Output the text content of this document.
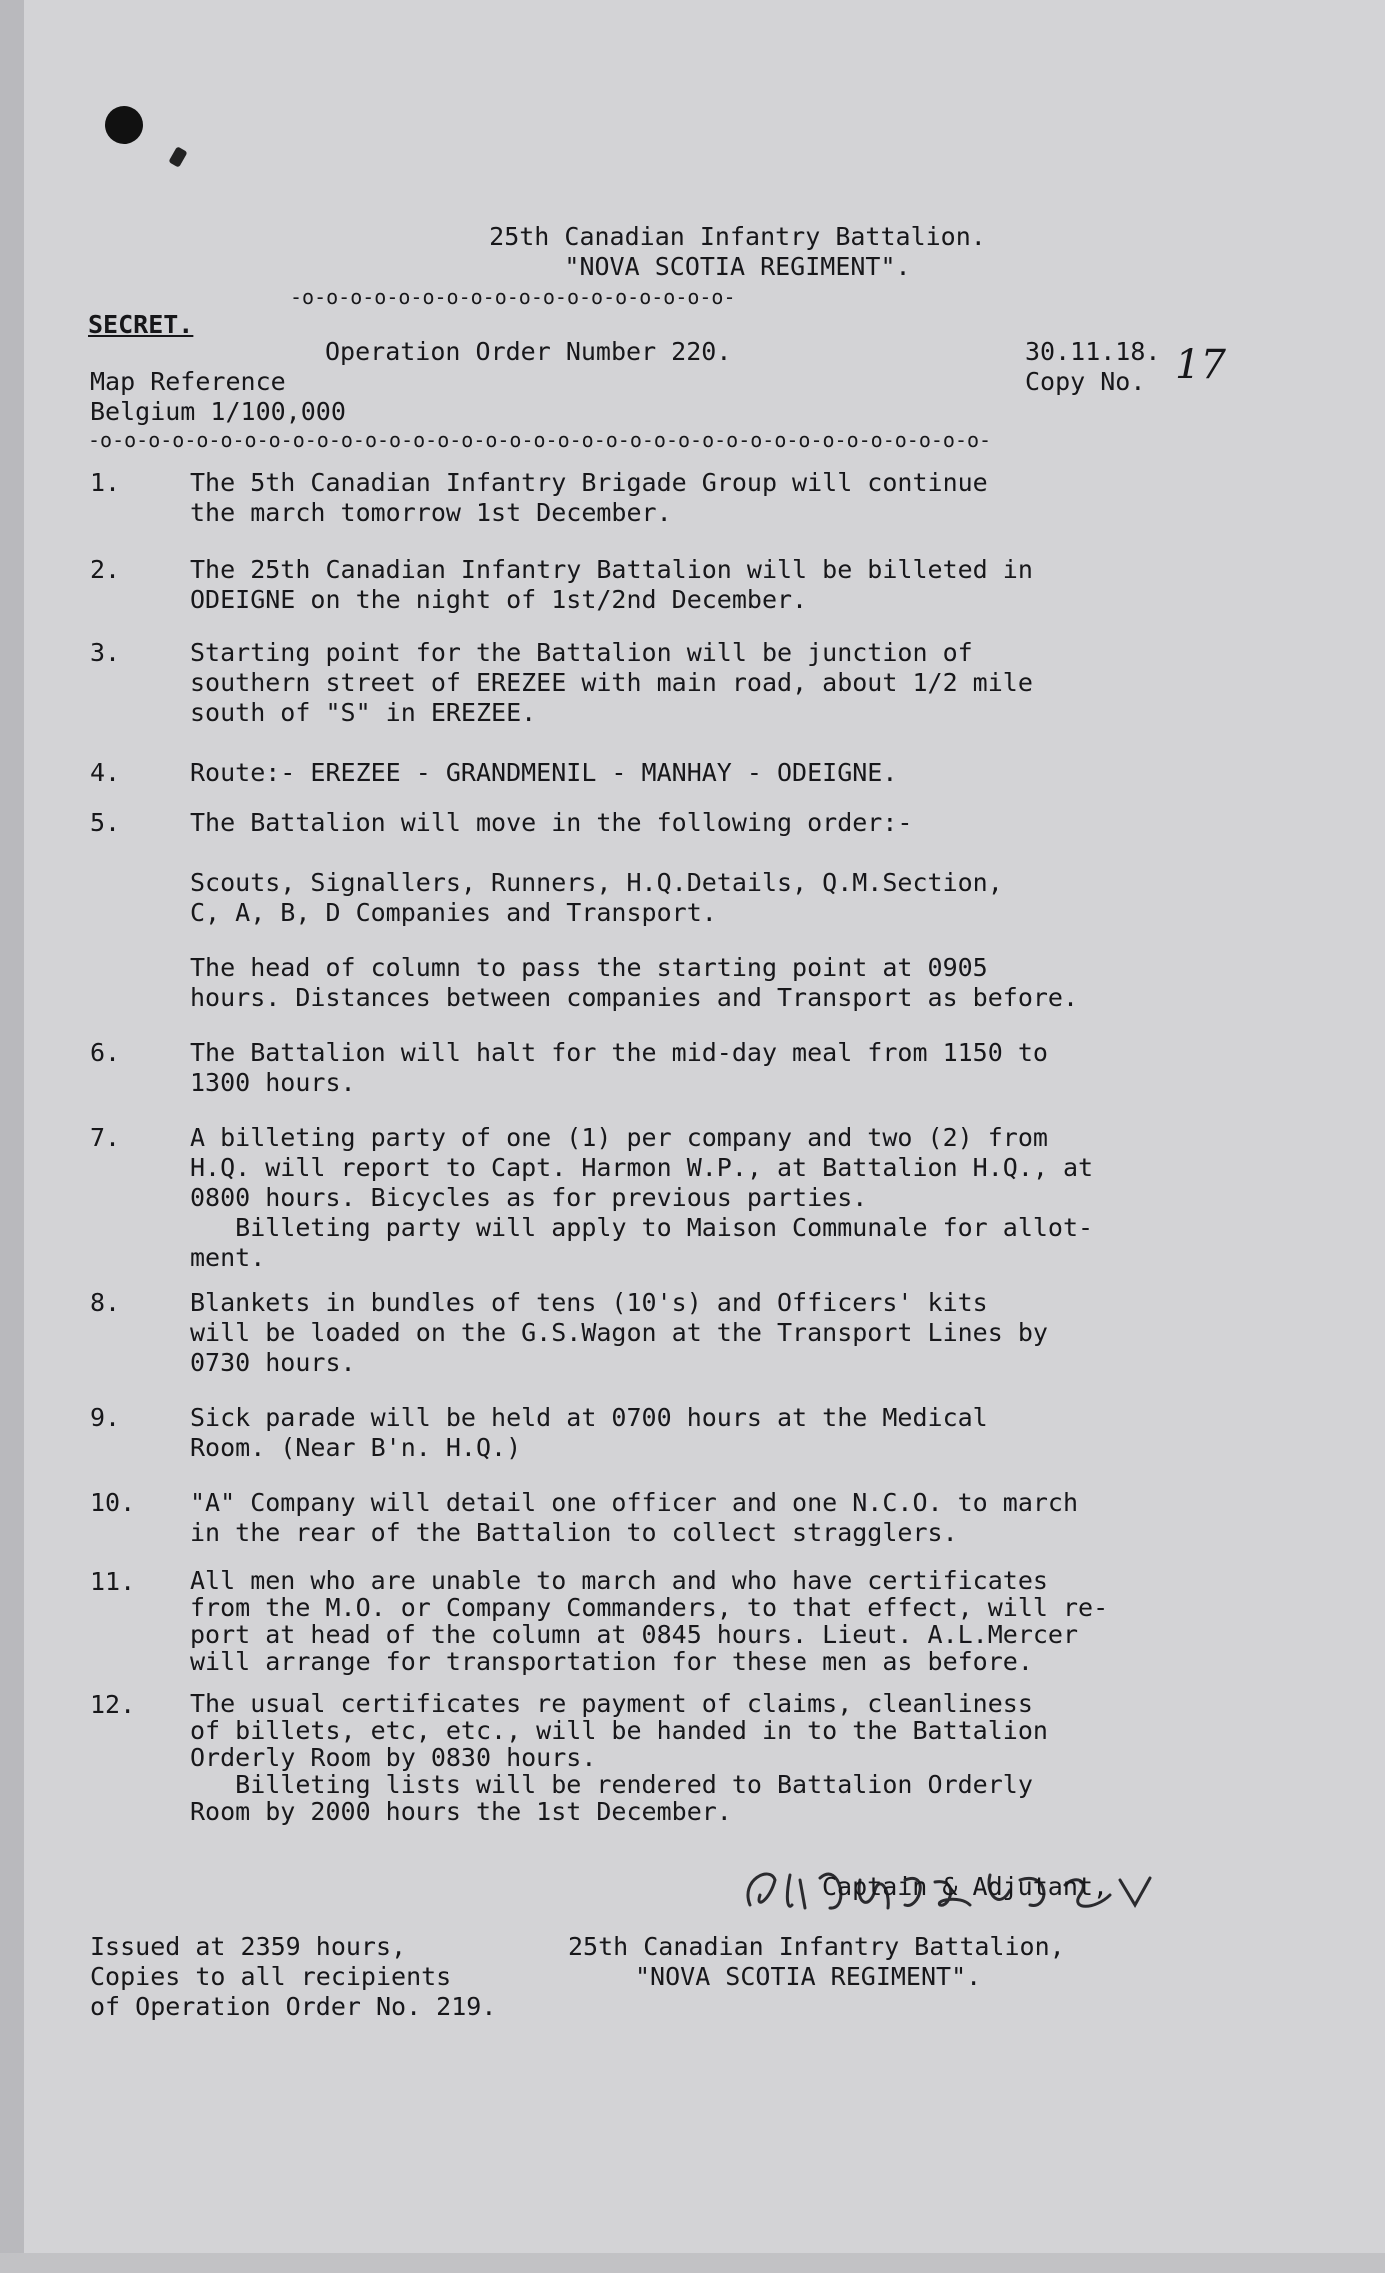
25th Canadian Infantry Battalion.
"NOVA SCOTIA REGIMENT".
-o-o-o-o-o-o-o-o-o-o-o-o-o-o-o-o-o-o-
SECRET.
Operation Order Number 220.	30.11.18.
Map Reference	Copy No. 17
Belgium 1/100,000
-o-o-o-o-o-o-o-o-o-o-o-o-o-o-o-o-o-o-o-o-o-o-o-o-o-o-o-o-o-o-o-o-o-o-o-o-o-
1.	The 5th Canadian Infantry Brigade Group will continue
the march tomorrow 1st December.
2.	The 25th Canadian Infantry Battalion will be billeted in
ODEIGNE on the night of 1st/2nd December.
3.	Starting point for the Battalion will be junction of
southern street of EREZEE with main road, about 1/2 mile
south of "S" in EREZEE.
4.	Route:- EREZEE - GRANDMENIL - MANHAY - ODEIGNE.
5.	The Battalion will move in the following order:-
Scouts, Signallers, Runners, H.Q.Details, Q.M.Section,
C, A, B, D Companies and Transport.
The head of column to pass the starting point at 0905
hours. Distances between companies and Transport as before.
6.	The Battalion will halt for the mid-day meal from 1150 to
1300 hours.
7.	A billeting party of one (1) per company and two (2) from
H.Q. will report to Capt. Harmon W.P., at Battalion H.Q., at
0800 hours. Bicycles as for previous parties.
Billeting party will apply to Maison Communale for allot-
ment.
8.	Blankets in bundles of tens (10's) and Officers' kits
will be loaded on the G.S.Wagon at the Transport Lines by
0730 hours.
9.	Sick parade will be held at 0700 hours at the Medical
Room. (Near B'n. H.Q.)
10. "A" Company will detail one officer and one N.C.O. to march
in the rear of the Battalion to collect stragglers.
11. All men who are unable to march and who have certificates
from the M.O. or Company Commanders, to that effect, will re-
port at head of the column at 0845 hours. Lieut. A.L.Mercer
will arrange for transportation for these men as before.
12. The usual certificates re payment of claims, cleanliness
of billets, etc, etc., will be handed in to the Battalion
Orderly Room by 0830 hours.
Billeting lists will be rendered to Battalion Orderly
Room by 2000 hours the 1st December.

Captain & Adjutant,
25th Canadian Infantry Battalion,
"NOVA SCOTIA REGIMENT".
Issued at 2359 hours,
Copies to all recipients
of Operation Order No. 219.
